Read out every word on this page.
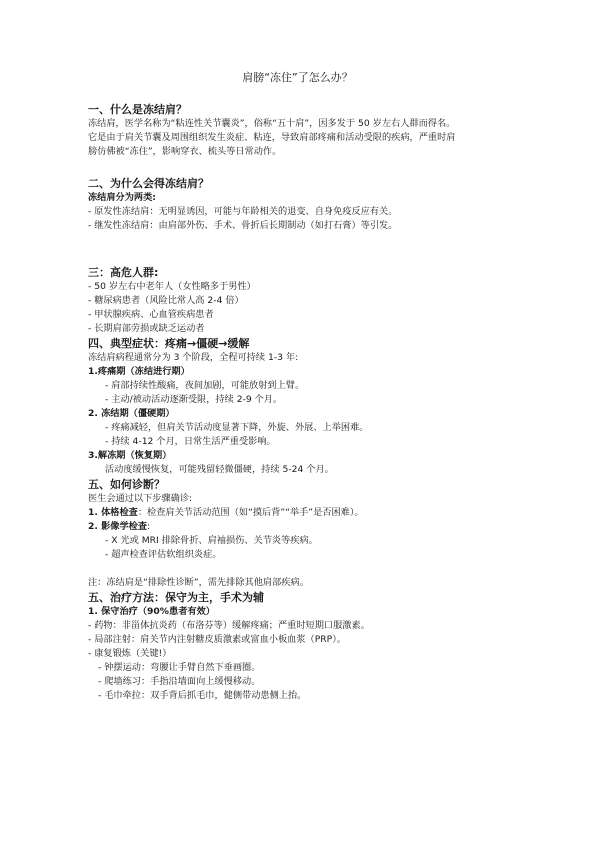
肩膀“冻住”了怎么办？
一、什么是冻结肩？

冻结肩，医学名称为“粘连性关节囊炎”，俗称“五十肩”，因多发于 50 岁左右人群而得名。

它是由于肩关节囊及周围组织发生炎症、粘连，导致肩部疼痛和活动受限的疾病，严重时肩

膀仿佛被“冻住”，影响穿衣、梳头等日常动作。

二、为什么会得冻结肩？
冻结肩分为两类:

- 原发性冻结肩：无明显诱因，可能与年龄相关的退变、自身免疫反应有关。

- 继发性冻结肩：由肩部外伤、手术、骨折后长期制动（如打石膏）等引发。

三：高危人群:

- 50 岁左右中老年人（女性略多于男性）

- 糖尿病患者（风险比常人高 2-4 倍）

- 甲状腺疾病、心血管疾病患者

- 长期肩部劳损或缺乏运动者

四、典型症状：疼痛→僵硬→缓解

冻结肩病程通常分为 3 个阶段，全程可持续 1-3 年:

1.疼痛期（冻结进行期）

- 肩部持续性酸痛，夜间加剧，可能放射到上臂。

- 主动/被动活动逐渐受限，持续 2-9 个月。

2. 冻结期（僵硬期）

- 疼痛减轻，但肩关节活动度显著下降，外旋、外展、上举困难。

- 持续 4-12 个月，日常生活严重受影响。

3.解冻期（恢复期）

活动度缓慢恢复，可能残留轻微僵硬，持续 5-24 个月。

五、如何诊断？

医生会通过以下步骤确诊:

1. 体格检查：检查肩关节活动范围（如“摸后背”“举手”是否困难）。

2. 影像学检查:

- X 光或 MRI 排除骨折、肩袖损伤、关节炎等疾病。

- 超声检查评估软组织炎症。

注：冻结肩是“排除性诊断”，需先排除其他肩部疾病。

五、治疗方法：保守为主，手术为辅
1. 保守治疗（90%患者有效）

- 药物：非甾体抗炎药（布洛芬等）缓解疼痛；严重时短期口服激素。

- 局部注射：肩关节内注射糖皮质激素或富血小板血浆（PRP）。

- 康复锻炼（关键!）

- 钟摆运动：弯腰让手臂自然下垂画圈。

- 爬墙练习：手指沿墙面向上缓慢移动。

- 毛巾牵拉：双手背后抓毛巾，健侧带动患侧上抬。
